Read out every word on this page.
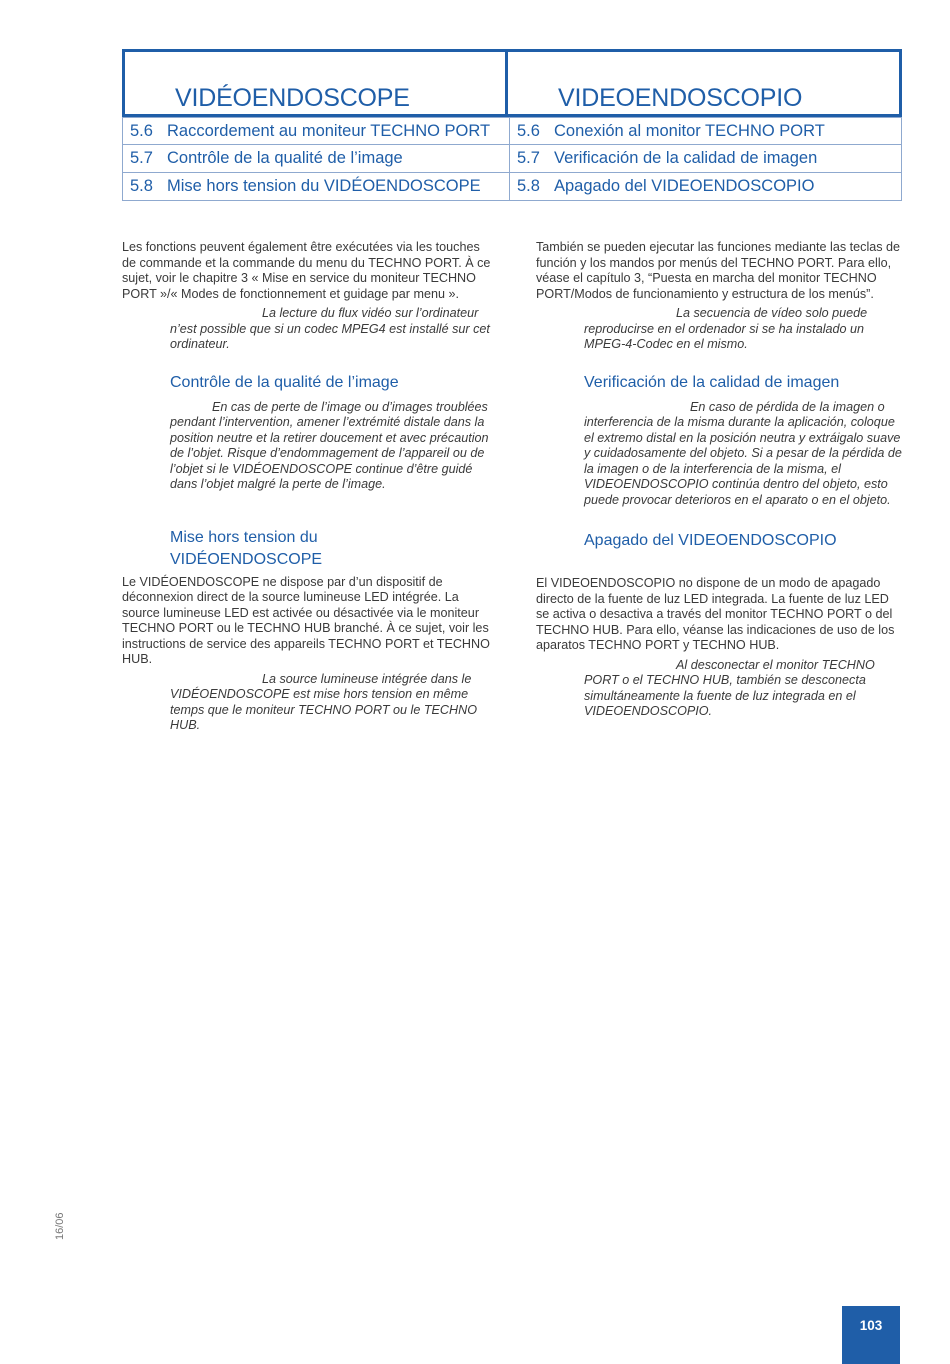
VIDÉOENDOSCOPE	VIDEOENDOSCOPIO
5.6 Raccordement au moniteur TECHNO PORT	5.6 Conexión al monitor TECHNO PORT
5.7 Contrôle de la qualité de l’image	5.7 Verificación de la calidad de imagen
5.8 Mise hors tension du VIDÉOENDOSCOPE	5.8 Apagado del VIDEOENDOSCOPIO

Les fonctions peuvent également être exécutées via les touches de commande et la commande du menu du TECHNO PORT. À ce sujet, voir le chapitre 3 « Mise en service du moniteur TECHNO PORT »/« Modes de fonctionnement et guidage par menu ».

La lecture du flux vidéo sur l’ordinateur n’est possible que si un codec MPEG4 est installé sur cet ordinateur.

Contrôle de la qualité de l’image

En cas de perte de l’image ou d’images troublées pendant l’intervention, amener l’extrémité distale dans la position neutre et la retirer doucement et avec précaution de l’objet. Risque d’endommagement de l’appareil ou de l’objet si le VIDÉOENDOSCOPE continue d’être guidé dans l’objet malgré la perte de l’image.

Mise hors tension du VIDÉOENDOSCOPE

Le VIDÉOENDOSCOPE ne dispose par d’un dispositif de déconnexion direct de la source lumineuse LED intégrée. La source lumineuse LED est activée ou désactivée via le moniteur TECHNO PORT ou le TECHNO HUB branché. À ce sujet, voir les instructions de service des appareils TECHNO PORT et TECHNO HUB.

La source lumineuse intégrée dans le VIDÉOENDOSCOPE est mise hors tension en même temps que le moniteur TECHNO PORT ou le TECHNO HUB.

También se pueden ejecutar las funciones mediante las teclas de función y los mandos por menús del TECHNO PORT. Para ello, véase el capítulo 3, “Puesta en marcha del monitor TECHNO PORT/Modos de funcionamiento y estructura de los menús”.

La secuencia de vídeo solo puede reproducirse en el ordenador si se ha instalado un MPEG-4-Codec en el mismo.

Verificación de la calidad de imagen

En caso de pérdida de la imagen o interferencia de la misma durante la aplicación, coloque el extremo distal en la posición neutra y extráigalo suave y cuidadosamente del objeto. Si a pesar de la pérdida de la imagen o de la interferencia de la misma, el VIDEOENDOSCOPIO continúa dentro del objeto, esto puede provocar deterioros en el aparato o en el objeto.

Apagado del VIDEOENDOSCOPIO

El VIDEOENDOSCOPIO no dispone de un modo de apagado directo de la fuente de luz LED integrada. La fuente de luz LED se activa o desactiva a través del monitor TECHNO PORT o del TECHNO HUB. Para ello, véanse las indicaciones de uso de los aparatos TECHNO PORT y TECHNO HUB.

Al desconectar el monitor TECHNO PORT o el TECHNO HUB, también se desconecta simultáneamente la fuente de luz integrada en el VIDEOENDOSCOPIO.

16/06
103
